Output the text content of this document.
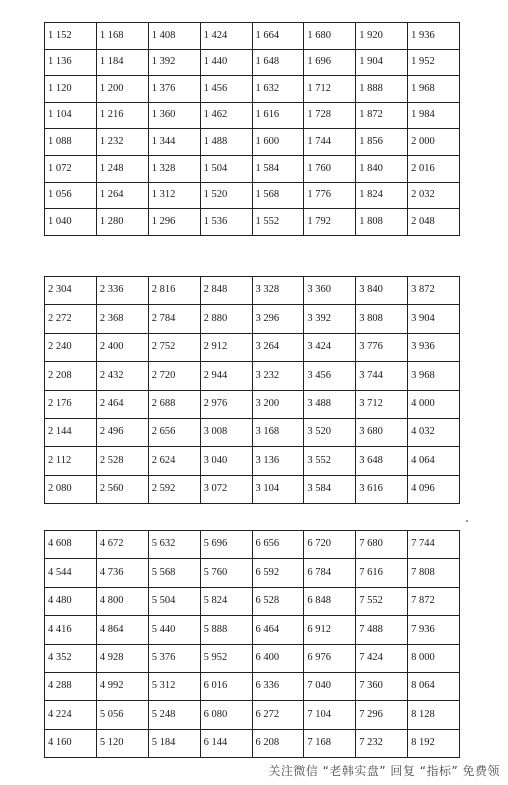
1 152	1 168	1 408	1 424	1 664	1 680	1 920	1 936
1 136	1 184	1 392	1 440	1 648	1 696	1 904	1 952
1 120	1 200	1 376	1 456	1 632	1 712	1 888	1 968
1 104	1 216	1 360	1 462	1 616	1 728	1 872	1 984
1 088	1 232	1 344	1 488	1 600	1 744	1 856	2 000
1 072	1 248	1 328	1 504	1 584	1 760	1 840	2 016
1 056	1 264	1 312	1 520	1 568	1 776	1 824	2 032
1 040	1 280	1 296	1 536	1 552	1 792	1 808	2 048
2 304	2 336	2 816	2 848	3 328	3 360	3 840	3 872
2 272	2 368	2 784	2 880	3 296	3 392	3 808	3 904
2 240	2 400	2 752	2 912	3 264	3 424	3 776	3 936
2 208	2 432	2 720	2 944	3 232	3 456	3 744	3 968
2 176	2 464	2 688	2 976	3 200	3 488	3 712	4 000
2 144	2 496	2 656	3 008	3 168	3 520	3 680	4 032
2 112	2 528	2 624	3 040	3 136	3 552	3 648	4 064
2 080	2 560	2 592	3 072	3 104	3 584	3 616	4 096
4 608	4 672	5 632	5 696	6 656	6 720	7 680	7 744
4 544	4 736	5 568	5 760	6 592	6 784	7 616	7 808
4 480	4 800	5 504	5 824	6 528	6 848	7 552	7 872
4 416	4 864	5 440	5 888	6 464	6 912	7 488	7 936
4 352	4 928	5 376	5 952	6 400	6 976	7 424	8 000
4 288	4 992	5 312	6 016	6 336	7 040	7 360	8 064
4 224	5 056	5 248	6 080	6 272	7 104	7 296	8 128
4 160	5 120	5 184	6 144	6 208	7 168	7 232	8 192
关注微信 “老韩实盘” 回复 “指标” 免费领
